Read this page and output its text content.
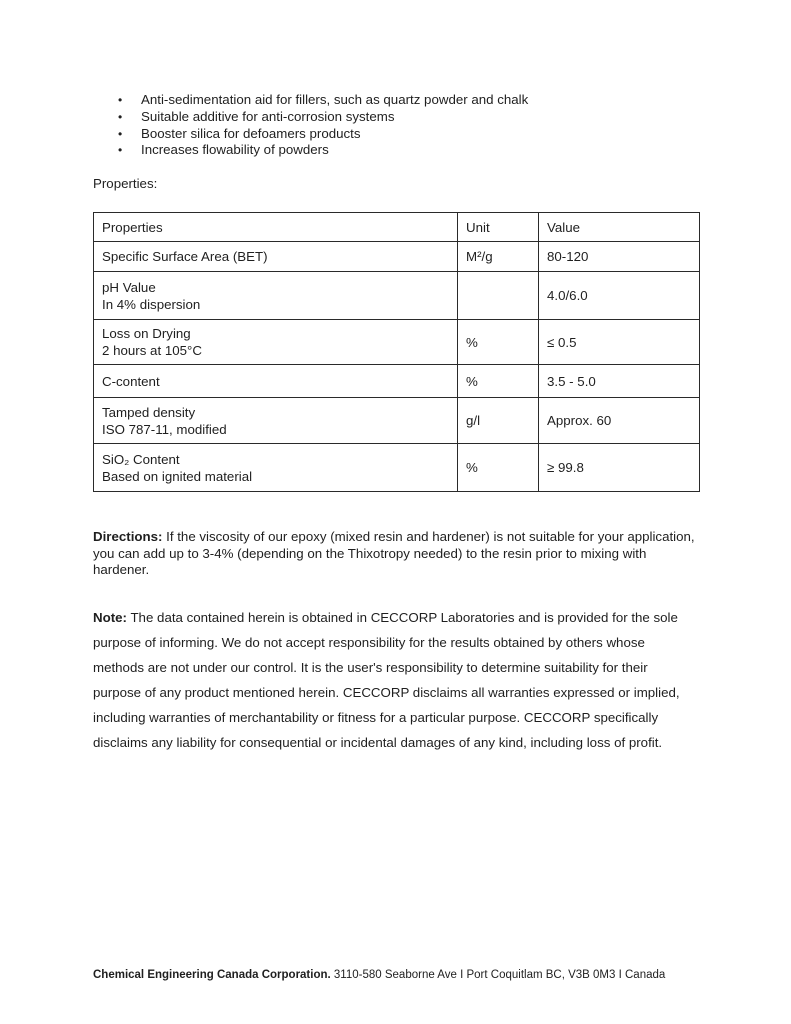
• Anti-sedimentation aid for fillers, such as quartz powder and chalk
• Suitable additive for anti-corrosion systems
• Booster silica for defoamers products
• Increases flowability of powders
Properties:
Properties	Unit	Value

Specific Surface Area (BET)	M²/g	80-120

pH Value
In 4% dispersion		4.0/6.0

Loss on Drying
2 hours at 105°C	%	≤ 0.5

C-content	%	3.5 - 5.0

Tamped density
ISO 787-11, modified	g/l	Approx. 60

SiO₂ Content
Based on ignited material	%	≥ 99.8
Directions: If the viscosity of our epoxy (mixed resin and hardener) is not suitable for your application, you can add up to 3-4% (depending on the Thixotropy needed) to the resin prior to mixing with hardener.
Note: The data contained herein is obtained in CECCORP Laboratories and is provided for the sole purpose of informing. We do not accept responsibility for the results obtained by others whose methods are not under our control. It is the user's responsibility to determine suitability for their purpose of any product mentioned herein. CECCORP disclaims all warranties expressed or implied, including warranties of merchantability or fitness for a particular purpose. CECCORP specifically disclaims any liability for consequential or incidental damages of any kind, including loss of profit.
Chemical Engineering Canada Corporation. 3110-580 Seaborne Ave I Port Coquitlam BC, V3B 0M3 I Canada
